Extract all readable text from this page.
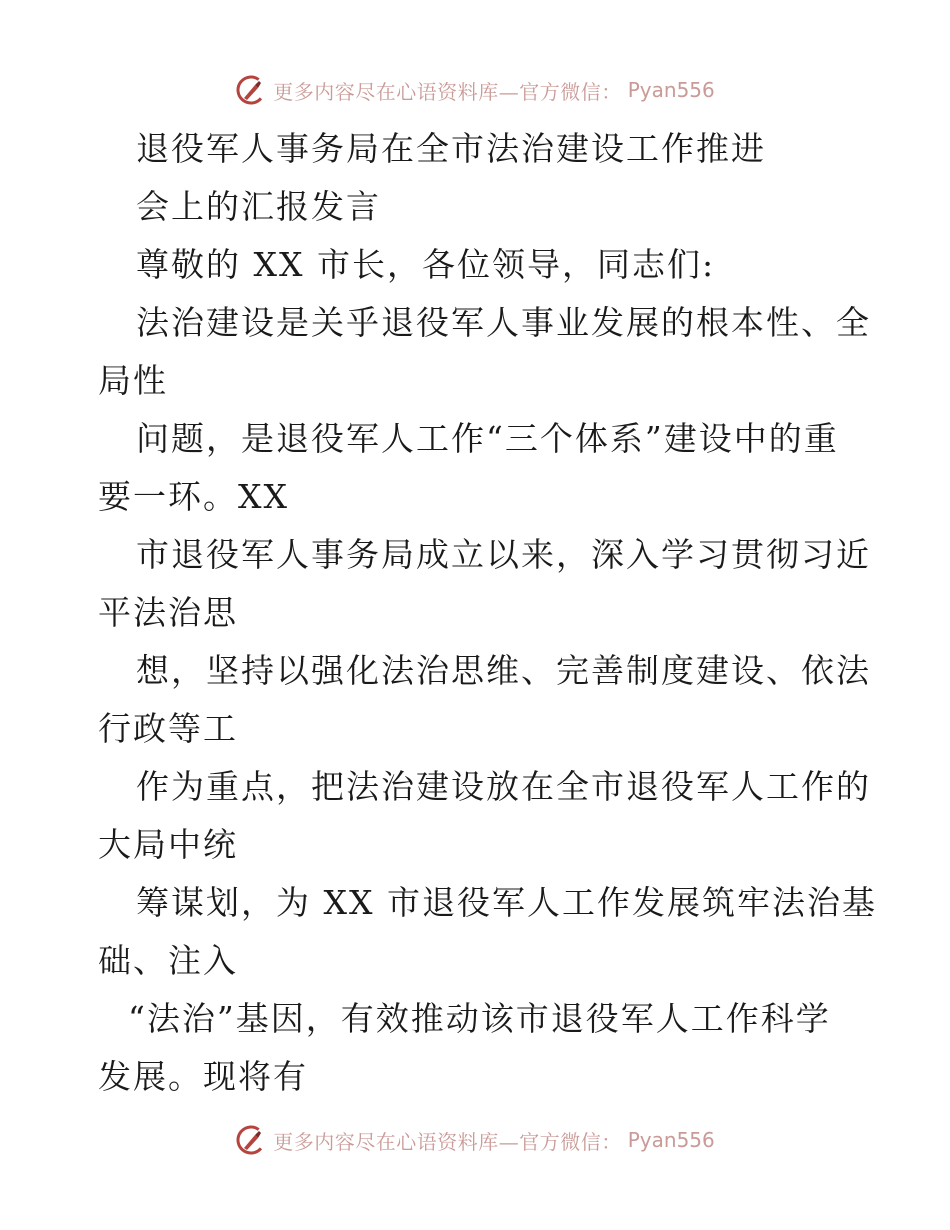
更多内容尽在心语资料库—官方微信： Pyan556
退役军人事务局在全市法治建设工作推进
会上的汇报发言
尊敬的 XX 市长，各位领导，同志们:
法治建设是关乎退役军人事业发展的根本性、全
局性
问题，是退役军人工作“三个体系”建设中的重
要一环。XX
市退役军人事务局成立以来，深入学习贯彻习近
平法治思
想，坚持以强化法治思维、完善制度建设、依法
行政等工
作为重点，把法治建设放在全市退役军人工作的
大局中统
筹谋划，为 XX 市退役军人工作发展筑牢法治基
础、注入
“法治”基因，有效推动该市退役军人工作科学
发展。现将有
更多内容尽在心语资料库—官方微信： Pyan556
